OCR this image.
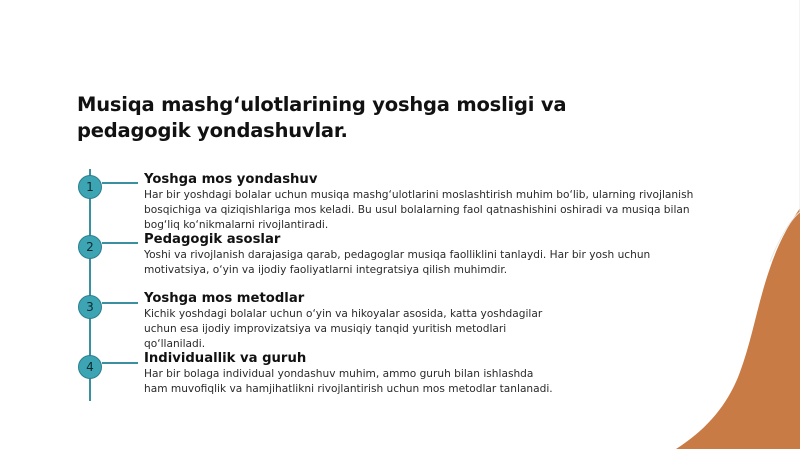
Musiqa mashg‘ulotlarining yoshga mosligi va pedagogik yondashuvlar.
1	Yoshga mos yondashuv

Har bir yoshdagi bolalar uchun musiqa mashg‘ulotlarini moslashtirish muhim bo‘lib, ularning rivojlanish bosqichiga va qiziqishlariga mos keladi. Bu usul bolalarning faol qatnashishini oshiradi va musiqa bilan bog‘liq ko‘nikmalarni rivojlantiradi.

2	Pedagogik asoslar

Yoshi va rivojlanish darajasiga qarab, pedagoglar musiqa faolliklini tanlaydi. Har bir yosh uchun motivatsiya, o‘yin va ijodiy faoliyatlarni integratsiya qilish muhimdir.

3
Yoshga mos metodlar

Kichik yoshdagi bolalar uchun o‘yin va hikoyalar asosida, katta yoshdagilar uchun esa ijodiy improvizatsiya va musiqiy tanqid yuritish metodlari qo‘llaniladi.

4
Individuallik va guruh

Har bir bolaga individual yondashuv muhim, ammo guruh bilan ishlashda ham muvofiqlik va hamjihatlikni rivojlantirish uchun mos metodlar tanlanadi.
